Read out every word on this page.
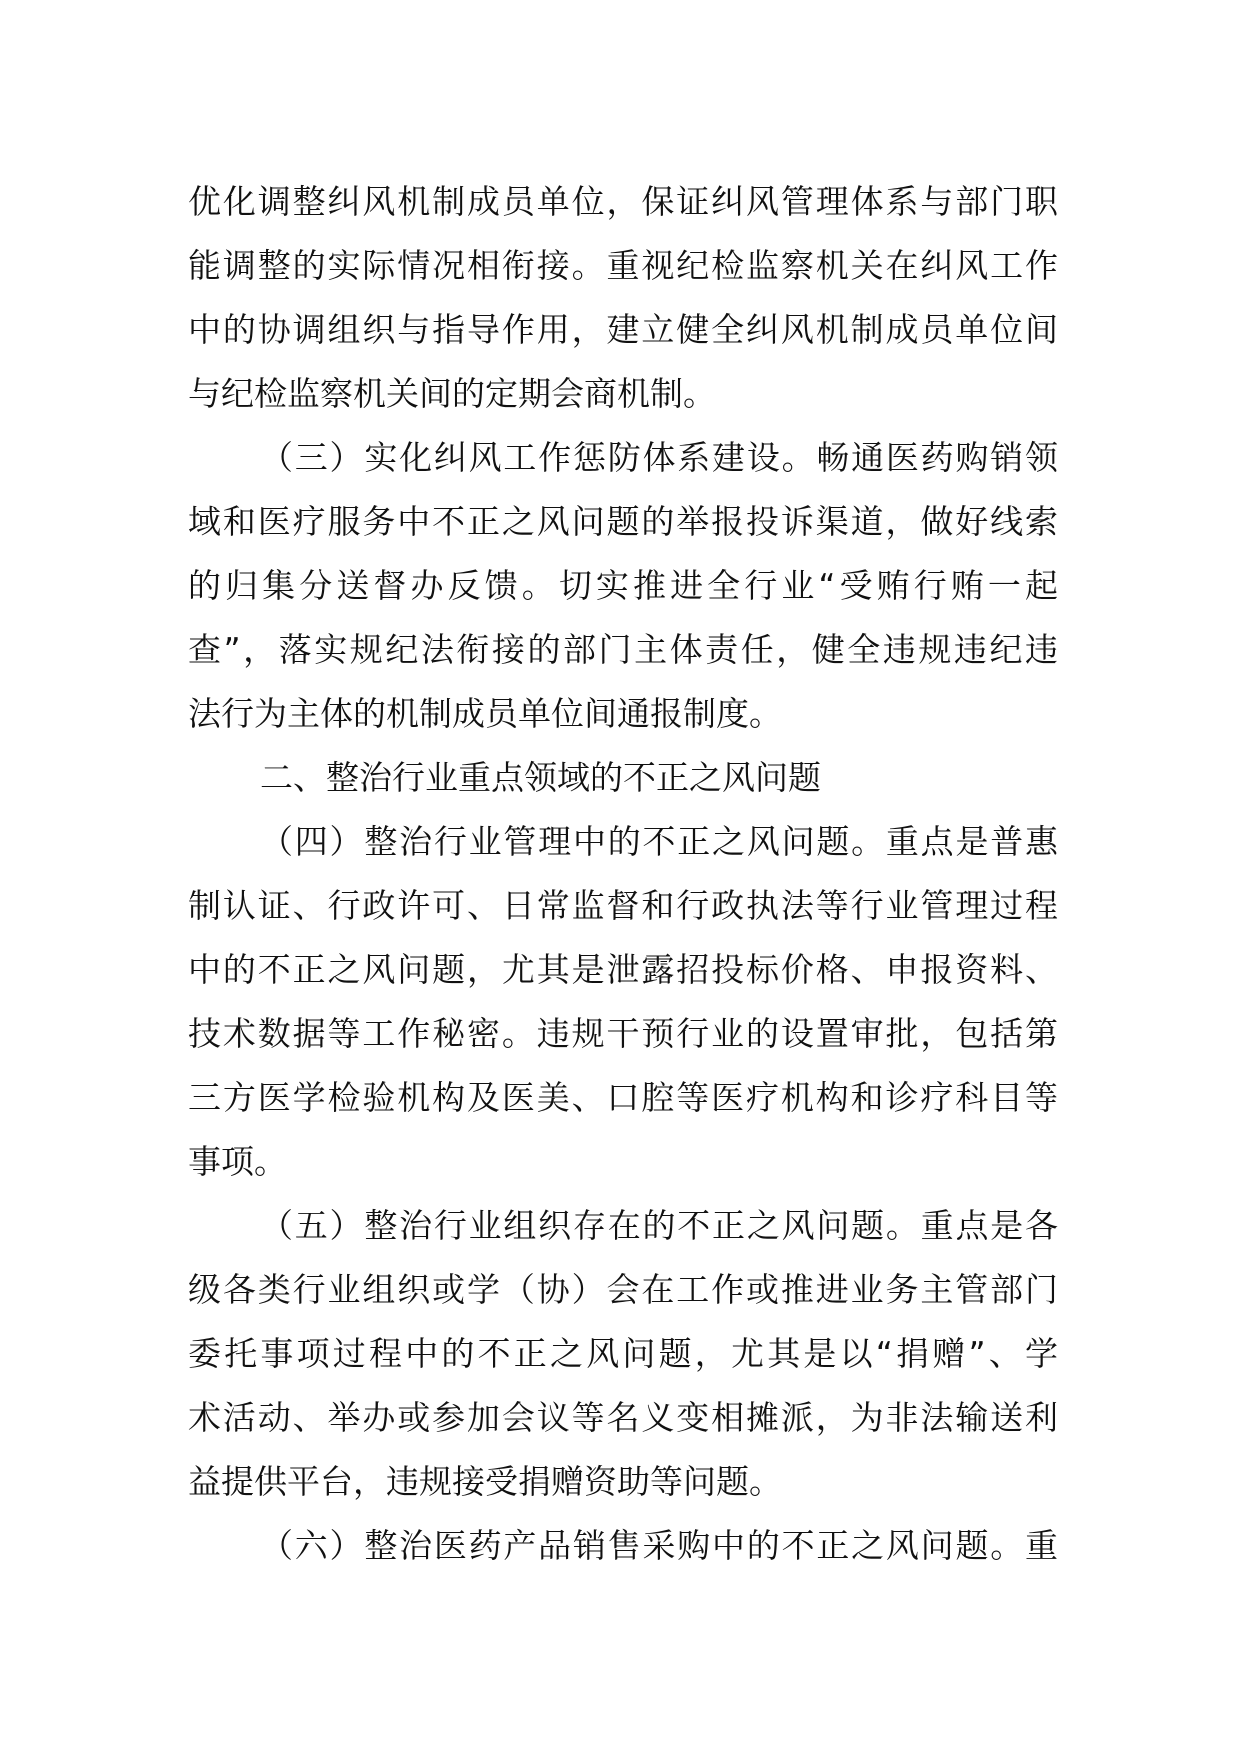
优化调整纠风机制成员单位，保证纠风管理体系与部门职
能调整的实际情况相衔接。重视纪检监察机关在纠风工作
中的协调组织与指导作用，建立健全纠风机制成员单位间
与纪检监察机关间的定期会商机制。
（三）实化纠风工作惩防体系建设。畅通医药购销领
域和医疗服务中不正之风问题的举报投诉渠道，做好线索
的归集分送督办反馈。切实推进全行业“受贿行贿一起
查”，落实规纪法衔接的部门主体责任，健全违规违纪违
法行为主体的机制成员单位间通报制度。
二、整治行业重点领域的不正之风问题
（四）整治行业管理中的不正之风问题。重点是普惠
制认证、行政许可、日常监督和行政执法等行业管理过程
中的不正之风问题，尤其是泄露招投标价格、申报资料、
技术数据等工作秘密。违规干预行业的设置审批，包括第
三方医学检验机构及医美、口腔等医疗机构和诊疗科目等
事项。
（五）整治行业组织存在的不正之风问题。重点是各
级各类行业组织或学（协）会在工作或推进业务主管部门
委托事项过程中的不正之风问题，尤其是以“捐赠”、学
术活动、举办或参加会议等名义变相摊派，为非法输送利
益提供平台，违规接受捐赠资助等问题。
（六）整治医药产品销售采购中的不正之风问题。重
